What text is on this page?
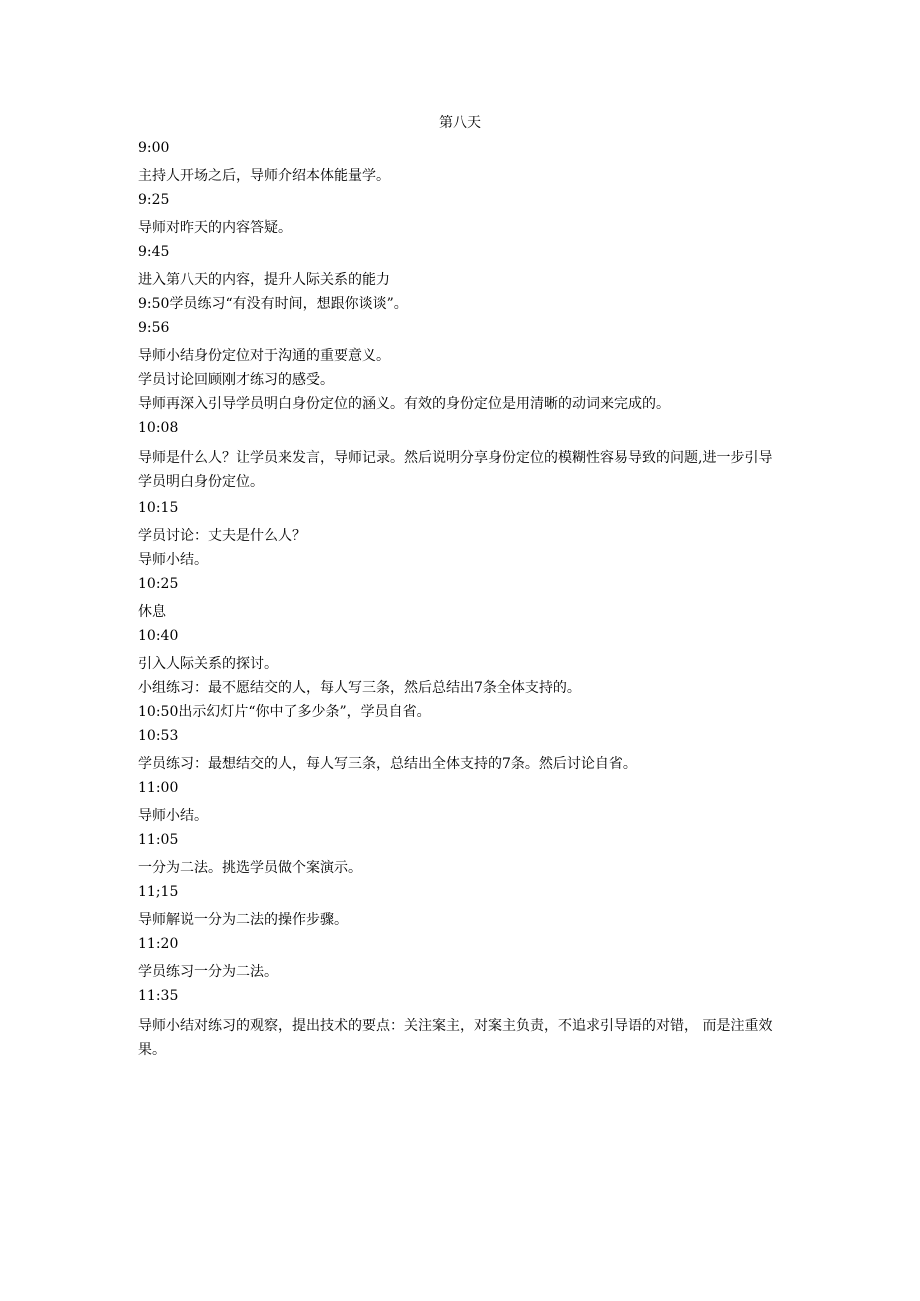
第八天
9:00
主持人开场之后，导师介绍本体能量学。
9:25
导师对昨天的内容答疑。
9:45
进入第八天的内容，提升人际关系的能力
9:50学员练习“有没有时间，想跟你谈谈”。
9:56
导师小结身份定位对于沟通的重要意义。
学员讨论回顾刚才练习的感受。
导师再深入引导学员明白身份定位的涵义。有效的身份定位是用清晰的动词来完成的。
10:08
导师是什么人？让学员来发言，导师记录。然后说明分享身份定位的模糊性容易导致的问题,进一步引导学员明白身份定位。
10:15
学员讨论：丈夫是什么人？
导师小结。
10:25
休息
10:40
引入人际关系的探讨。
小组练习：最不愿结交的人，每人写三条，然后总结出7条全体支持的。
10:50出示幻灯片“你中了多少条”，学员自省。
10:53
学员练习：最想结交的人，每人写三条，总结出全体支持的7条。然后讨论自省。
11:00
导师小结。
11:05
一分为二法。挑选学员做个案演示。
11;15
导师解说一分为二法的操作步骤。
11:20
学员练习一分为二法。
11:35
导师小结对练习的观察，提出技术的要点：关注案主，对案主负责，不追求引导语的对错， 而是注重效果。
